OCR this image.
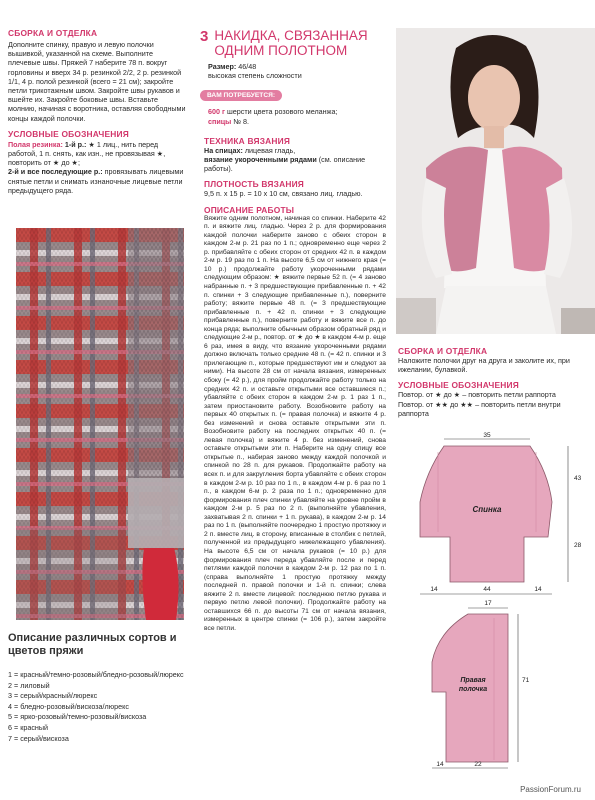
СБОРКА И ОТДЕЛКА
Дополните спинку, правую и левую полочки вышивкой, указанной на схеме. Выполните плечевые швы. Пряжей 7 наберите 78 п. вокруг горловины и вверх 34 р. резинкой 2/2, 2 р. резинкой 1/1, 4 р. полой резинкой (всего = 21 см); закройте петли трикотажным швом. Закройте швы рукавов и вшейте их. Закройте боковые швы. Вставьте молнию, начиная с воротника, оставляя свободными концы каждой полочки.
УСЛОВНЫЕ ОБОЗНАЧЕНИЯ
Полая резинка: 1-й р.: ★ 1 лиц., нить перед работой, 1 п. снять, как изн., не провязывая ★, повторить от ★ до ★;
2-й и все последующие р.: провязывать лицевыми снятые петли и снимать изнаночные лицевые петли предыдущего ряда.
Описание различных сортов и цветов пряжи
1 = красный/темно-розовый/бледно-розовый/люрекс
2 = лиловый
3 = серый/красный/люрекс
4 = бледно-розовый/вискоза/люрекс
5 = ярко-розовый/темно-розовый/вискоза
6 = красный
7 = серый/вискоза
3 НАКИДКА, СВЯЗАННАЯ
ОДНИМ ПОЛОТНОМ
Размер: 46/48
высокая степень сложности
ВАМ ПОТРЕБУЕТСЯ:
600 г шерсти цвета розового меланжа;
спицы № 8.
ТЕХНИКА ВЯЗАНИЯ
На спицах: лицевая гладь,
вязание укороченными рядами (см. описание работы).
ПЛОТНОСТЬ ВЯЗАНИЯ
9,5 п. х 15 р. = 10 х 10 см, связано лиц. гладью.
ОПИСАНИЕ РАБОТЫ
Вяжите одним полотном, начиная со спинки. Наберите 42 п. и вяжите лиц. гладью. Через 2 р. для формирования каждой полочки наберите заново с обеих сторон в каждом 2-м р. 21 раз по 1 п.; одновременно еще через 2 р. прибавляйте с обеих сторон от средних 42 п. в каждом 2-м р. 19 раз по 1 п. На высоте 6,5 см от нижнего края (= 10 р.) продолжайте работу укороченными рядами следующим образом: ★ вяжите первые 52 п. (= 4 заново набранные п. + 3 предшествующие прибавленные п. + 42 п. спинки + 3 следующие прибавленные п.), поверните работу; вяжите первые 48 п. (= 3 предшествующие прибавленные п. + 42 п. спинки + 3 следующие прибавленные п.), поверните работу и вяжите все п. до конца ряда; выполните обычным образом обратный ряд и следующие 2-м р., повтор. от ★ до ★ в каждом 4-м р. еще 6 раз, имея в виду, что вязание укороченными рядами должно включать только средние 48 п. (= 42 п. спинки и 3 прилегающие п., которые предшествуют им и следуют за ними). На высоте 28 см от начала вязания, измеренных сбоку (= 42 р.), для пройм продолжайте работу только на средних 42 п. и оставьте открытыми все оставшиеся п.; убавляйте с обеих сторон в каждом 2-м р. 1 раз 1 п., затем приостановите работу. Возобновите работу на первых 40 открытых п. (= правая полочка) и вяжите 4 р. без изменений и снова оставьте открытыми эти п. Возобновите работу на последних открытых 40 п. (= левая полочка) и вяжите 4 р. без изменений, снова оставьте открытыми эти п. Наберите на одну спицу все открытые п., набирая заново между каждой полочкой и спинкой по 28 п. для рукавов. Продолжайте работу на всех п. и для закругления борта убавляйте с обеих сторон в каждом 2-м р. 10 раз по 1 п., в каждом 4-м р. 6 раз по 1 п., в каждом 6-м р. 2 раза по 1 п.; одновременно для формирования плеч спинки убавляйте на уровне пройм в каждом 2-м р. 5 раз по 2 п. (выполняйте убавления, захватывая 2 п. спинки + 1 п. рукава), в каждом 2-м р. 14 раз по 1 п. (выполняйте поочередно 1 простую протяжку и 2 п. вместе лиц. в сторону, вписанные в столбик с петлей, полученной из предыдущего нижележащего убавления). На высоте 6,5 см от начала рукавов (= 10 р.) для формирования плеч переда убавляйте после и перед петлями каждой полочки в каждом 2-м р. 12 раз по 1 п. (справа выполняйте 1 простую протяжку между последней п. правой полочки и 1-й п. спинки; слева вяжите 2 п. вместе лицевой: последнюю петлю рукава и первую петлю левой полочки). Продолжайте работу на оставшихся 66 п. до высоты 71 см от начала вязания, измеренных в центре спинки (= 106 р.), затем закройте все петли.
СБОРКА И ОТДЕЛКА
Наложите полочки друг на друга и заколите их, при ижелании, булавкой.
УСЛОВНЫЕ ОБОЗНАЧЕНИЯ
Повтор. от ★ до ★ – повторить петли раппорта
Повтор. от ★★ до ★★ – повторить петли внутри раппорта
Спинка
35
43
28
14	44	14
Правая
полочка
17
71
14	22
PassionForum.ru
